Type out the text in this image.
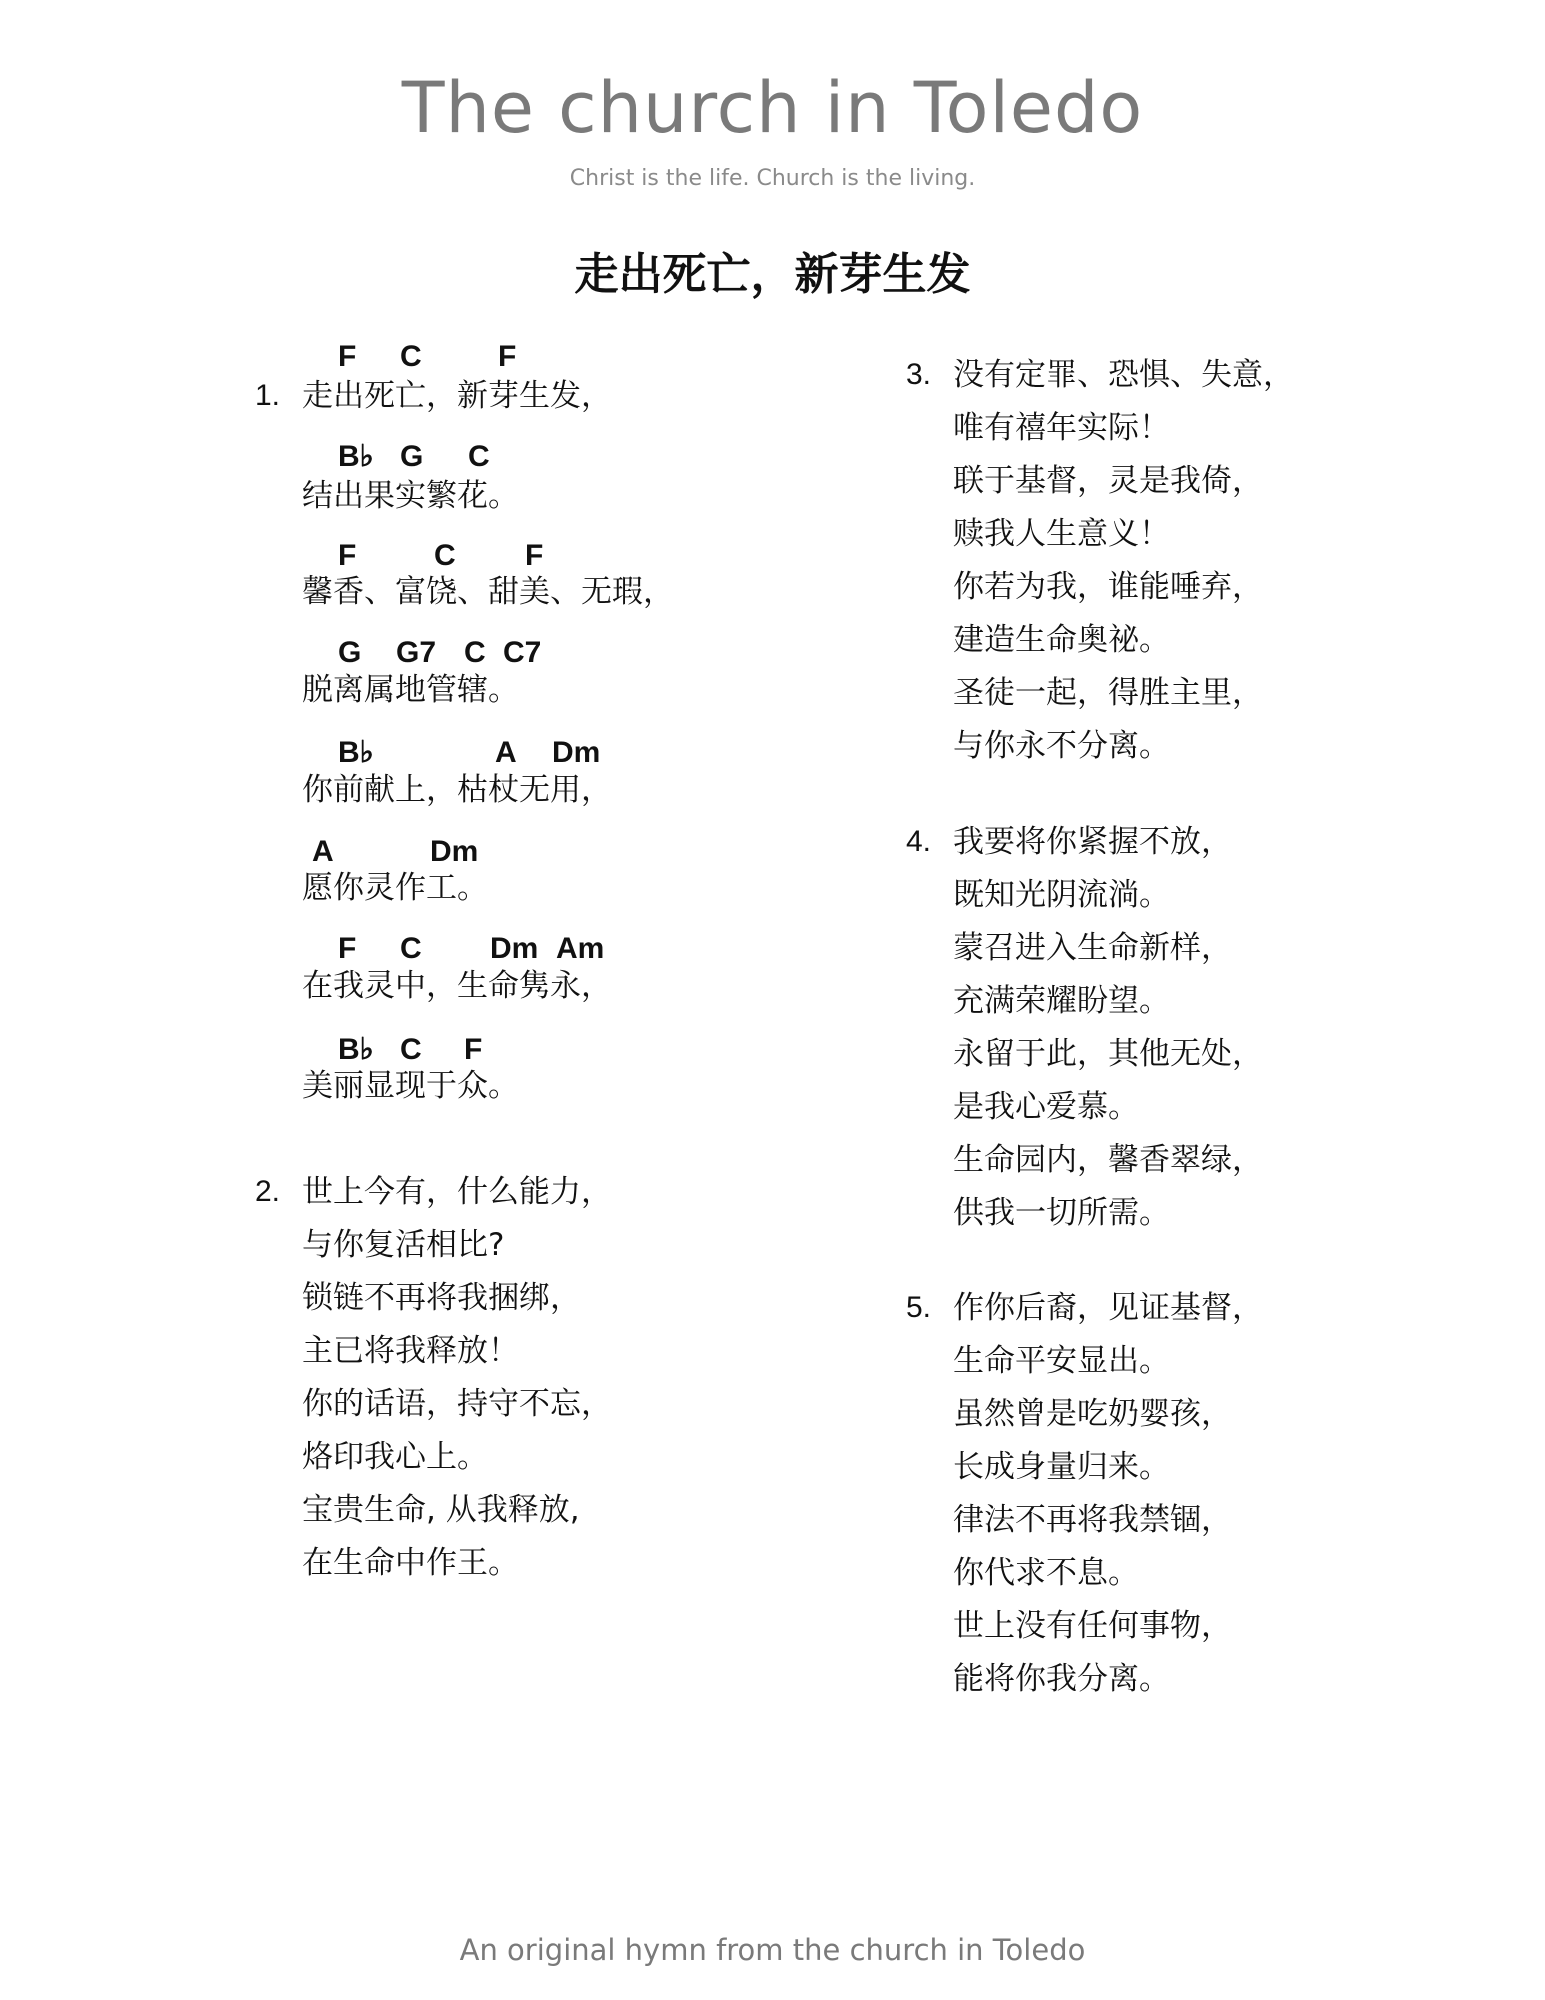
The church in Toledo
Christ is the life. Church is the living.
走出死亡，新芽生发
1.
F C	F
走出死亡，新芽生发，
B♭ G C
结出果实繁花。
F	C F
馨香、富饶、甜美、无瑕，
G G7 C C7
脱离属地管辖。
B♭	A Dm
你前献上，枯杖无用，
A	Dm
愿你灵作工。
F C Dm Am
在我灵中，生命隽永，
B♭ C F
美丽显现于众。
2. 世上今有，什么能力，
与你复活相比?
锁链不再将我捆绑，
主已将我释放！
你的话语，持守不忘，
烙印我心上。
宝贵生命, 从我释放,
在生命中作王。
3. 没有定罪、恐惧、失意，
唯有禧年实际！
联于基督，灵是我倚，
赎我人生意义！
你若为我，谁能唾弃，
建造生命奥祕。
圣徒一起，得胜主里，
与你永不分离。
4. 我要将你紧握不放，
既知光阴流淌。
蒙召进入生命新样，
充满荣耀盼望。
永留于此，其他无处，
是我心爱慕。
生命园内，馨香翠绿，
供我一切所需。
5. 作你后裔，见证基督，
生命平安显出。
虽然曾是吃奶婴孩，
长成身量归来。
律法不再将我禁锢，
你代求不息。
世上没有任何事物，
能将你我分离。
An original hymn from the church in Toledo
